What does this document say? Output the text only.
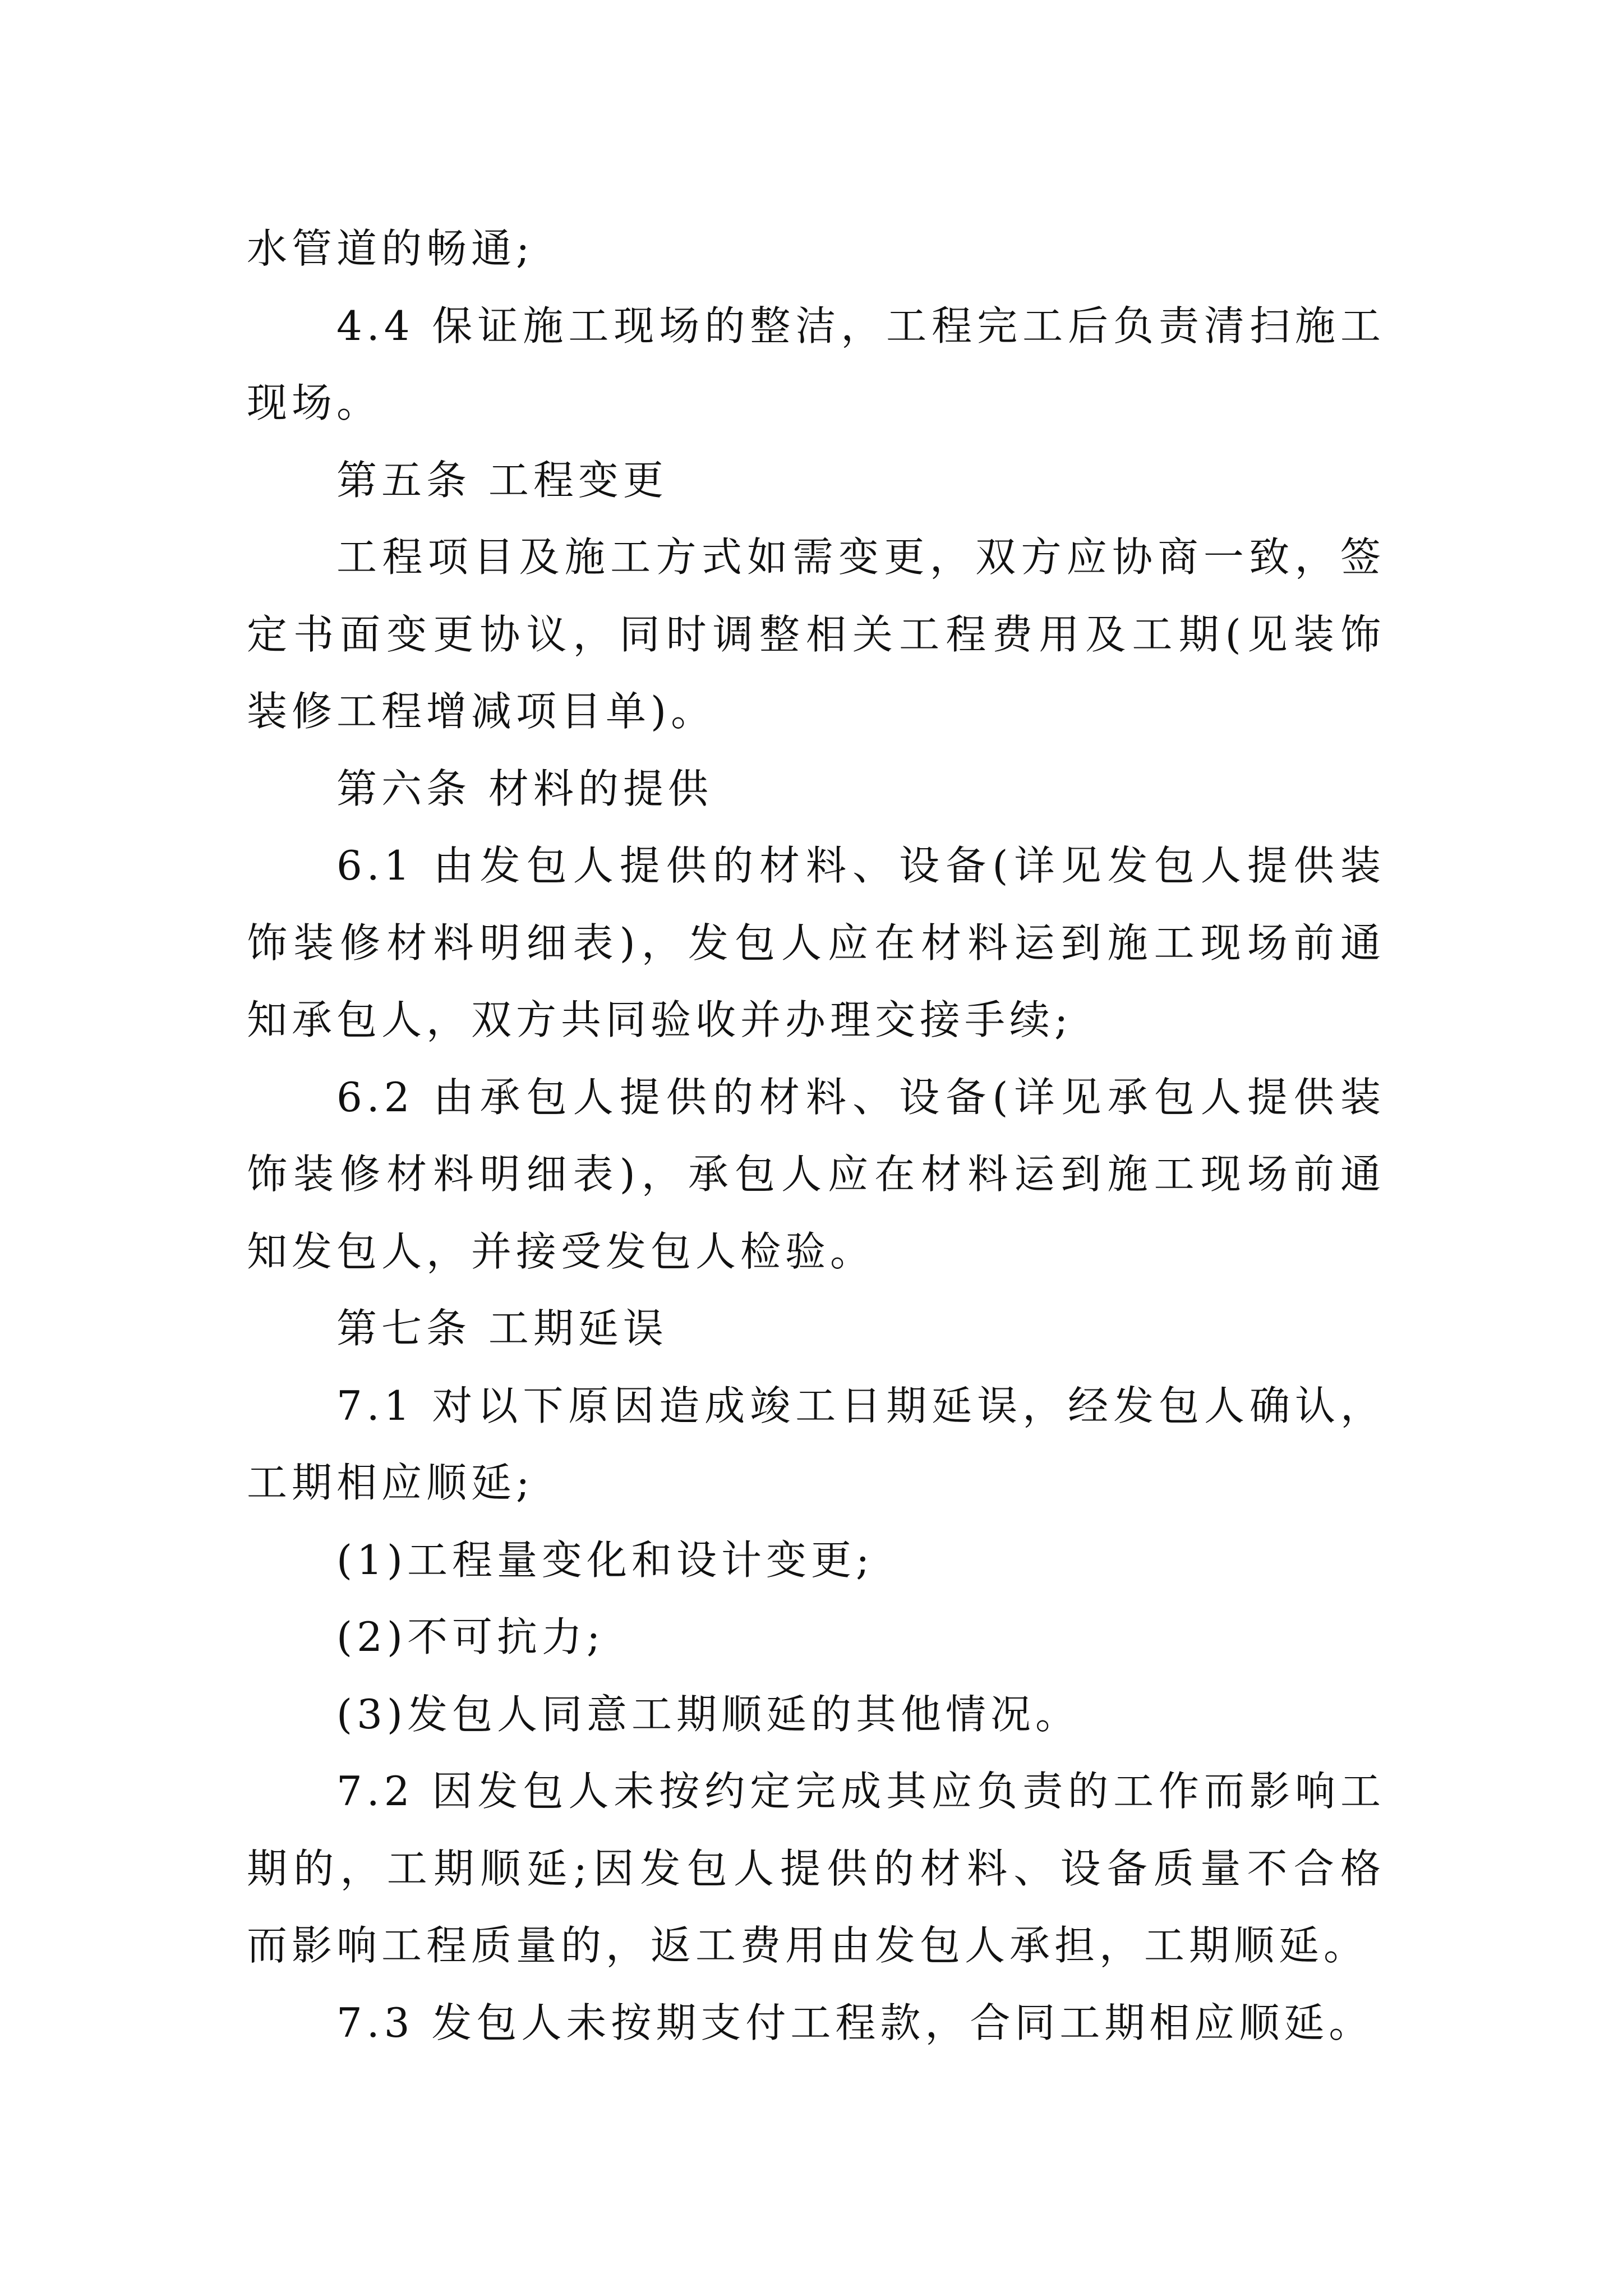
水管道的畅通;

4.4 保证施工现场的整洁，工程完工后负责清扫施工现场。

第五条 工程变更

工程项目及施工方式如需变更，双方应协商一致，签定书面变更协议，同时调整相关工程费用及工期(见装饰装修工程增减项目单)。

第六条 材料的提供

6.1 由发包人提供的材料、设备(详见发包人提供装饰装修材料明细表)，发包人应在材料运到施工现场前通知承包人，双方共同验收并办理交接手续;

6.2 由承包人提供的材料、设备(详见承包人提供装饰装修材料明细表)，承包人应在材料运到施工现场前通知发包人，并接受发包人检验。

第七条 工期延误

7.1 对以下原因造成竣工日期延误，经发包人确认，工期相应顺延;

(1)工程量变化和设计变更;

(2)不可抗力;

(3)发包人同意工期顺延的其他情况。

7.2 因发包人未按约定完成其应负责的工作而影响工期的，工期顺延;因发包人提供的材料、设备质量不合格而影响工程质量的，返工费用由发包人承担，工期顺延。

7.3 发包人未按期支付工程款，合同工期相应顺延。
